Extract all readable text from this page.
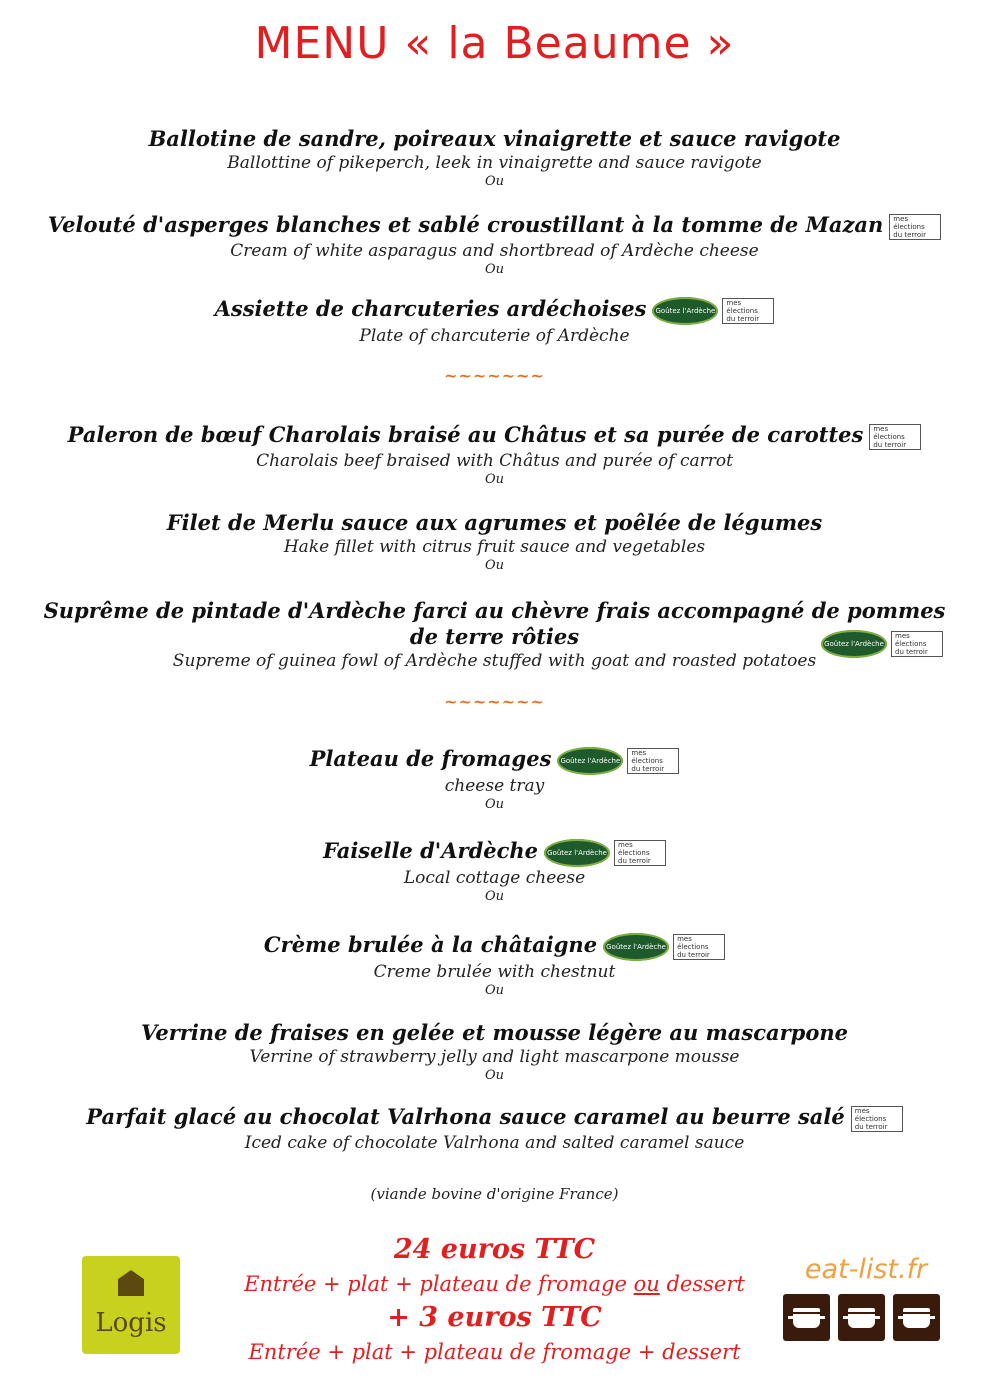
MENU « la Beaume »
Ballotine de sandre, poireaux vinaigrette et sauce ravigote
Ballottine of pikeperch, leek in vinaigrette and sauce ravigote
Ou
Velouté d'asperges blanches et sablé croustillant à la tomme de Mazan mes
élections
du terroir
Cream of white asparagus and shortbread of Ardèche cheese
Ou
Assiette de charcuteries ardéchoises	Goûtez l'Ardèche
mes
élections
du terroir
Plate of charcuterie of Ardèche
~~~~~~~
Paleron de bœuf Charolais braisé au Châtus et sa purée de carottes mes
élections
du terroir
Charolais beef braised with Châtus and purée of carrot
Ou
Filet de Merlu sauce aux agrumes et poêlée de légumes
Hake fillet with citrus fruit sauce and vegetables
Ou
Suprême de pintade d'Ardèche farci au chèvre frais accompagné de pommes de terre rôties	Goûtez l'Ardèche
mes
élections
du terroir
Supreme of guinea fowl of Ardèche stuffed with goat and roasted potatoes
~~~~~~~
Plateau de fromages	Goûtez l'Ardèche
mes
élections
du terroir
cheese tray
Ou
Faiselle d'Ardèche	Goûtez l'Ardèche
mes
élections
du terroir
Local cottage cheese
Ou
Crème brulée à la châtaigne	Goûtez l'Ardèche
mes
élections
du terroir
Creme brulée with chestnut
Ou
Verrine de fraises en gelée et mousse légère au mascarpone
Verrine of strawberry jelly and light mascarpone mousse
Ou
Parfait glacé au chocolat Valrhona sauce caramel au beurre salé mes
élections
du terroir
Iced cake of chocolate Valrhona and salted caramel sauce
(viande bovine d'origine France)
24 euros TTC
Entrée + plat + plateau de fromage ou dessert
+ 3 euros TTC
Entrée + plat + plateau de fromage + dessert
Logis
eat-list.fr
